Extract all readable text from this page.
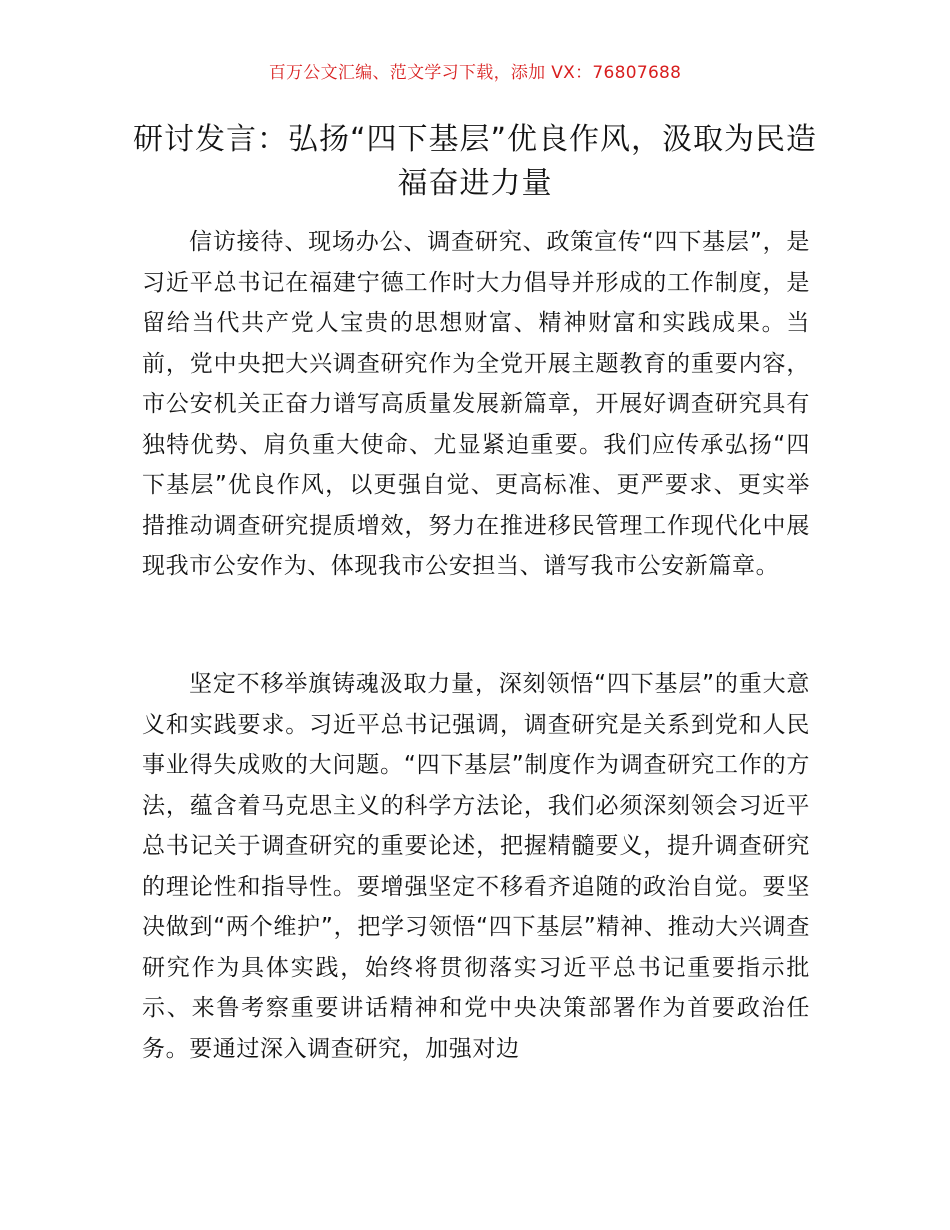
百万公文汇编、范文学习下载，添加 VX：76807688
研讨发言：弘扬“四下基层”优良作风，汲取为民造福奋进力量

信访接待、现场办公、调查研究、政策宣传“四下基层”，是习近平总书记在福建宁德工作时大力倡导并形成的工作制度，是留给当代共产党人宝贵的思想财富、精神财富和实践成果。当前，党中央把大兴调查研究作为全党开展主题教育的重要内容，市公安机关正奋力谱写高质量发展新篇章，开展好调查研究具有独特优势、肩负重大使命、尤显紧迫重要。我们应传承弘扬“四下基层”优良作风，以更强自觉、更高标准、更严要求、更实举措推动调查研究提质增效，努力在推进移民管理工作现代化中展现我市公安作为、体现我市公安担当、谱写我市公安新篇章。

坚定不移举旗铸魂汲取力量，深刻领悟“四下基层”的重大意义和实践要求。习近平总书记强调，调查研究是关系到党和人民事业得失成败的大问题。“四下基层”制度作为调查研究工作的方法，蕴含着马克思主义的科学方法论，我们必须深刻领会习近平总书记关于调查研究的重要论述，把握精髓要义，提升调查研究的理论性和指导性。要增强坚定不移看齐追随的政治自觉。要坚决做到“两个维护”，把学习领悟“四下基层”精神、推动大兴调查研究作为具体实践，始终将贯彻落实习近平总书记重要指示批示、来鲁考察重要讲话精神和党中央决策部署作为首要政治任务。要通过深入调查研究，加强对边
